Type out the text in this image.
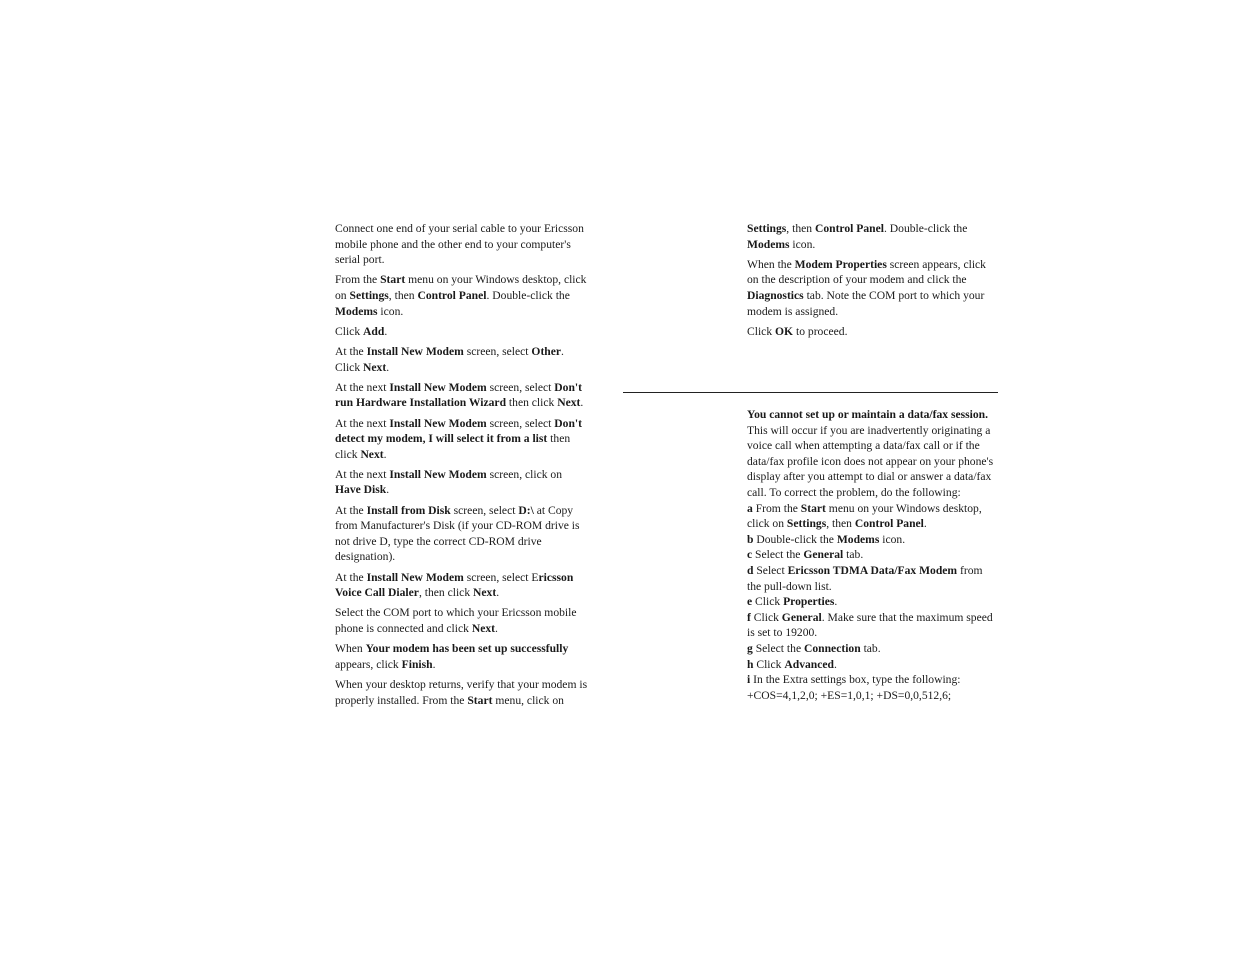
Connect one end of your serial cable to your Ericsson mobile phone and the other end to your computer's serial port.

From the Start menu on your Windows desktop, click on Settings, then Control Panel. Double-click the Modems icon.

Click Add.

At the Install New Modem screen, select Other. Click Next.

At the next Install New Modem screen, select Don't run Hardware Installation Wizard then click Next.

At the next Install New Modem screen, select Don't detect my modem, I will select it from a list then click Next.

At the next Install New Modem screen, click on Have Disk.

At the Install from Disk screen, select D:\ at Copy from Manufacturer's Disk (if your CD-ROM drive is not drive D, type the correct CD-ROM drive designation).

At the Install New Modem screen, select Ericsson Voice Call Dialer, then click Next.

Select the COM port to which your Ericsson mobile phone is connected and click Next.

When Your modem has been set up successfully appears, click Finish.

When your desktop returns, verify that your modem is properly installed. From the Start menu, click on

Settings, then Control Panel. Double-click the Modems icon.

When the Modem Properties screen appears, click on the description of your modem and click the Diagnostics tab. Note the COM port to which your modem is assigned.

Click OK to proceed.

You cannot set up or maintain a data/fax session. This will occur if you are inadvertently originating a voice call when attempting a data/fax call or if the data/fax profile icon does not appear on your phone's display after you attempt to dial or answer a data/fax call. To correct the problem, do the following:

a From the Start menu on your Windows desktop, click on Settings, then Control Panel.

b Double-click the Modems icon.

c Select the General tab.

d Select Ericsson TDMA Data/Fax Modem from the pull-down list.

e Click Properties.

f Click General. Make sure that the maximum speed is set to 19200.

g Select the Connection tab.

h Click Advanced.

i In the Extra settings box, type the following: +COS=4,1,2,0; +ES=1,0,1; +DS=0,0,512,6;
